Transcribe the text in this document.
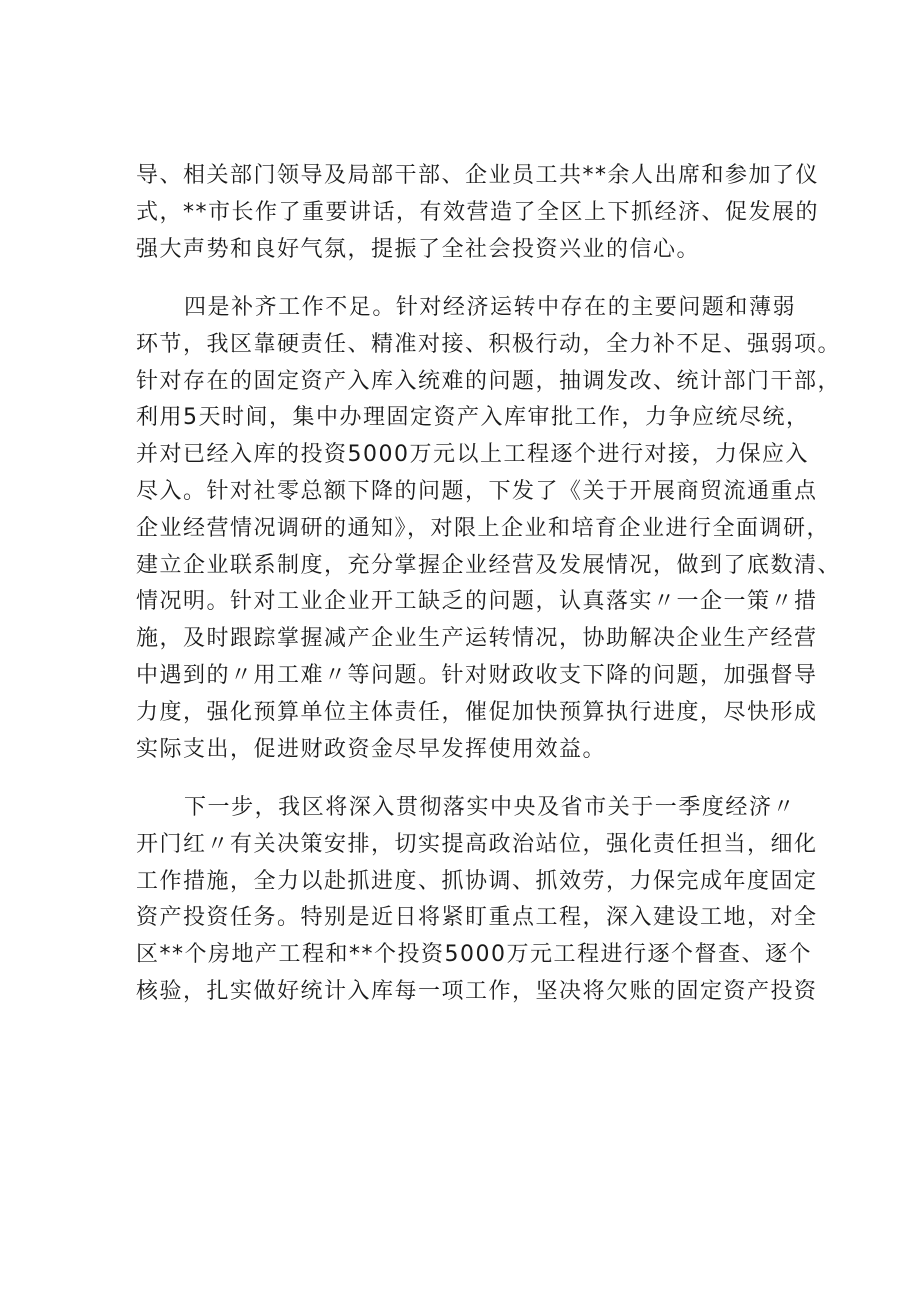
导、相关部门领导及局部干部、企业员工共**余人出席和参加了仪
式，**市长作了重要讲话，有效营造了全区上下抓经济、促发展的
强大声势和良好气氛，提振了全社会投资兴业的信心。
四是补齐工作不足。针对经济运转中存在的主要问题和薄弱
环节，我区靠硬责任、精准对接、积极行动，全力补不足、强弱项。
针对存在的固定资产入库入统难的问题，抽调发改、统计部门干部，
利用5天时间，集中办理固定资产入库审批工作，力争应统尽统，
并对已经入库的投资5000万元以上工程逐个进行对接，力保应入
尽入。针对社零总额下降的问题，下发了《关于开展商贸流通重点
企业经营情况调研的通知》，对限上企业和培育企业进行全面调研，
建立企业联系制度，充分掌握企业经营及发展情况，做到了底数清、
情况明。针对工业企业开工缺乏的问题，认真落实〃一企一策〃措
施，及时跟踪掌握减产企业生产运转情况，协助解决企业生产经营
中遇到的〃用工难〃等问题。针对财政收支下降的问题，加强督导
力度，强化预算单位主体责任，催促加快预算执行进度，尽快形成
实际支出，促进财政资金尽早发挥使用效益。
下一步，我区将深入贯彻落实中央及省市关于一季度经济〃
开门红〃有关决策安排，切实提高政治站位，强化责任担当，细化
工作措施，全力以赴抓进度、抓协调、抓效劳，力保完成年度固定
资产投资任务。特别是近日将紧盯重点工程，深入建设工地，对全
区**个房地产工程和**个投资5000万元工程进行逐个督查、逐个
核验，扎实做好统计入库每一项工作，坚决将欠账的固定资产投资
